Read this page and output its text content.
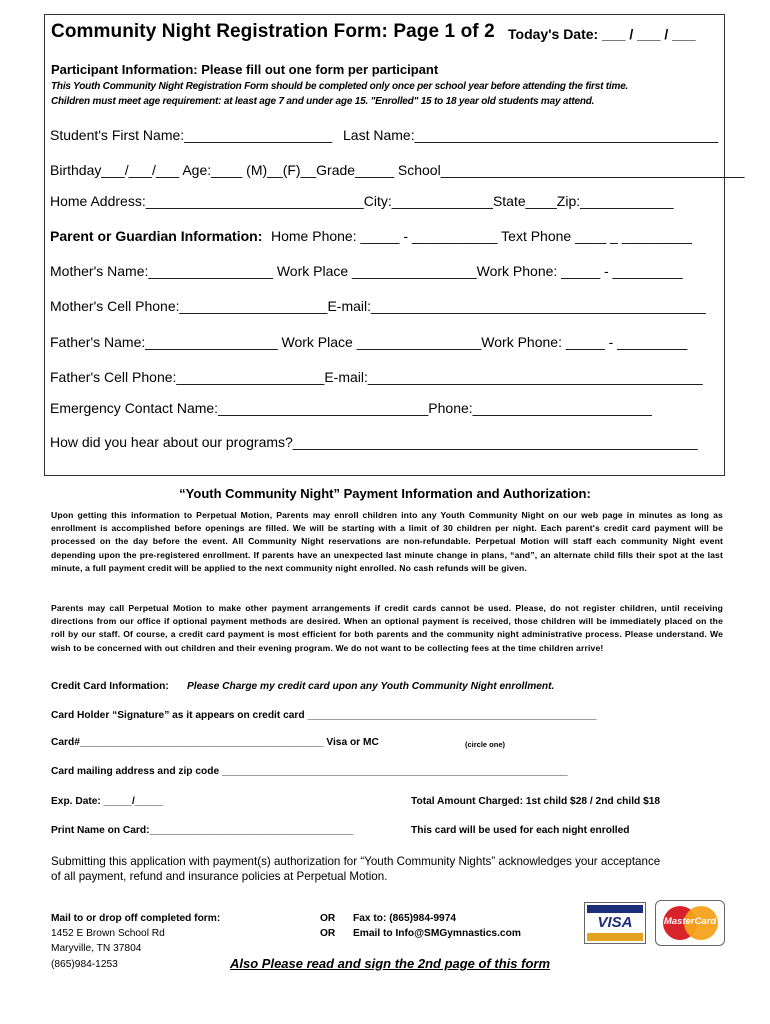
Community Night Registration Form: Page 1 of 2 Today's Date: ___ / ___ / ___
Participant Information: Please fill out one form per participant
This Youth Community Night Registration Form should be completed only once per school year before attending the first time.
Children must meet age requirement: at least age 7 and under age 15. "Enrolled" 15 to 18 year old students may attend.
Student's First Name:___________________ Last Name:_______________________________________
Birthday___/___/___ Age:____ (M)__(F)__Grade_____ School_______________________________________
Home Address:____________________________City:_____________State____Zip:____________
Parent or Guardian Information: Home Phone: _____ - ___________ Text Phone ____ _ _________
Mother's Name:________________ Work Place ________________Work Phone: _____ - _________
Mother's Cell Phone:___________________E-mail:___________________________________________
Father's Name:_________________ Work Place ________________Work Phone: _____ - _________
Father's Cell Phone:___________________E-mail:___________________________________________
Emergency Contact Name:___________________________Phone:_______________________
How did you hear about our programs?____________________________________________________
“Youth Community Night” Payment Information and Authorization:
Upon getting this information to Perpetual Motion, Parents may enroll children into any Youth Community Night on our web page in minutes as long as enrollment is accomplished before openings are filled. We will be starting with a limit of 30 children per night. Each parent's credit card payment will be processed on the day before the event. All Community Night reservations are non-refundable. Perpetual Motion will staff each community Night event depending upon the pre-registered enrollment. If parents have an unexpected last minute change in plans, “and”, an alternate child fills their spot at the last minute, a full payment credit will be applied to the next community night enrolled. No cash refunds will be given.
Parents may call Perpetual Motion to make other payment arrangements if credit cards cannot be used. Please, do not register children, until receiving directions from our office if optional payment methods are desired. When an optional payment is received, those children will be immediately placed on the roll by our staff. Of course, a credit card payment is most efficient for both parents and the community night administrative process. Please understand. We wish to be concerned with out children and their evening program. We do not want to be collecting fees at the time children arrive!
Credit Card Information: Please Charge my credit card upon any Youth Community Night enrollment.
Card Holder “Signature” as it appears on credit card ___________________________________________________
Card#___________________________________________ Visa or MC	(circle one)
Card mailing address and zip code _____________________________________________________________
Exp. Date: _____/_____	Total Amount Charged: 1st child $28 / 2nd child $18
Print Name on Card:____________________________________	This card will be used for each night enrolled
Submitting this application with payment(s) authorization for “Youth Community Nights” acknowledges your acceptance
of all payment, refund and insurance policies at Perpetual Motion.
Mail to or drop off completed form:
1452 E Brown School Rd
Maryville, TN 37804
(865)984-1253
OR
OR
Fax to: (865)984-9974
Email to Info@SMGymnastics.com
Also Please read and sign the 2nd page of this form
VISA	MasterCard
